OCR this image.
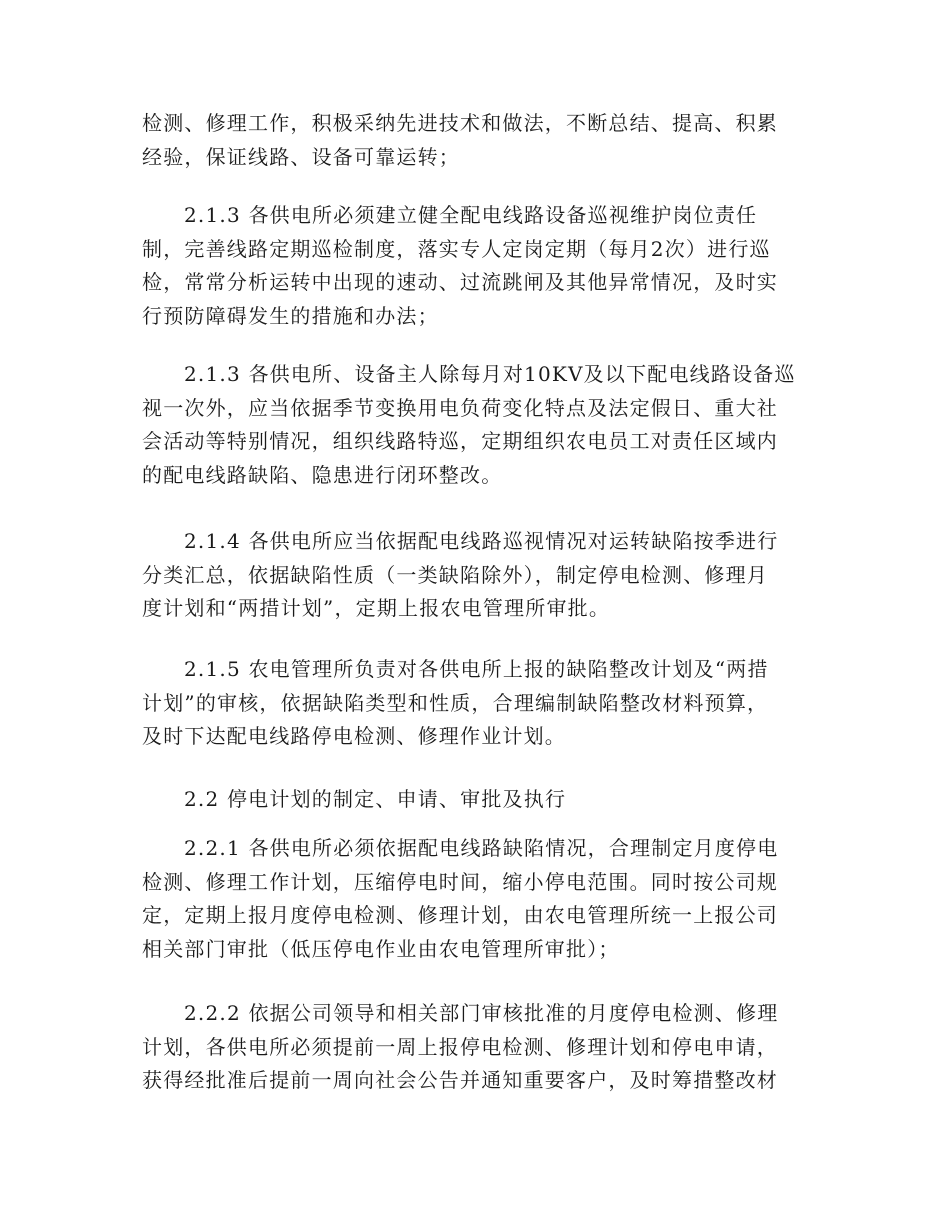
检测、修理工作，积极采纳先进技术和做法，不断总结、提高、积累
经验，保证线路、设备可靠运转；
2.1.3 各供电所必须建立健全配电线路设备巡视维护岗位责任
制，完善线路定期巡检制度，落实专人定岗定期（每月2次）进行巡
检，常常分析运转中出现的速动、过流跳闸及其他异常情况，及时实
行预防障碍发生的措施和办法；
2.1.3 各供电所、设备主人除每月对10KV及以下配电线路设备巡
视一次外，应当依据季节变换用电负荷变化特点及法定假日、重大社
会活动等特别情况，组织线路特巡，定期组织农电员工对责任区域内
的配电线路缺陷、隐患进行闭环整改。
2.1.4 各供电所应当依据配电线路巡视情况对运转缺陷按季进行
分类汇总，依据缺陷性质（一类缺陷除外），制定停电检测、修理月
度计划和“两措计划”，定期上报农电管理所审批。
2.1.5 农电管理所负责对各供电所上报的缺陷整改计划及“两措
计划”的审核，依据缺陷类型和性质，合理编制缺陷整改材料预算，
及时下达配电线路停电检测、修理作业计划。
2.2 停电计划的制定、申请、审批及执行
2.2.1 各供电所必须依据配电线路缺陷情况，合理制定月度停电
检测、修理工作计划，压缩停电时间，缩小停电范围。同时按公司规
定，定期上报月度停电检测、修理计划，由农电管理所统一上报公司
相关部门审批（低压停电作业由农电管理所审批）；
2.2.2 依据公司领导和相关部门审核批准的月度停电检测、修理
计划，各供电所必须提前一周上报停电检测、修理计划和停电申请，
获得经批准后提前一周向社会公告并通知重要客户，及时筹措整改材
